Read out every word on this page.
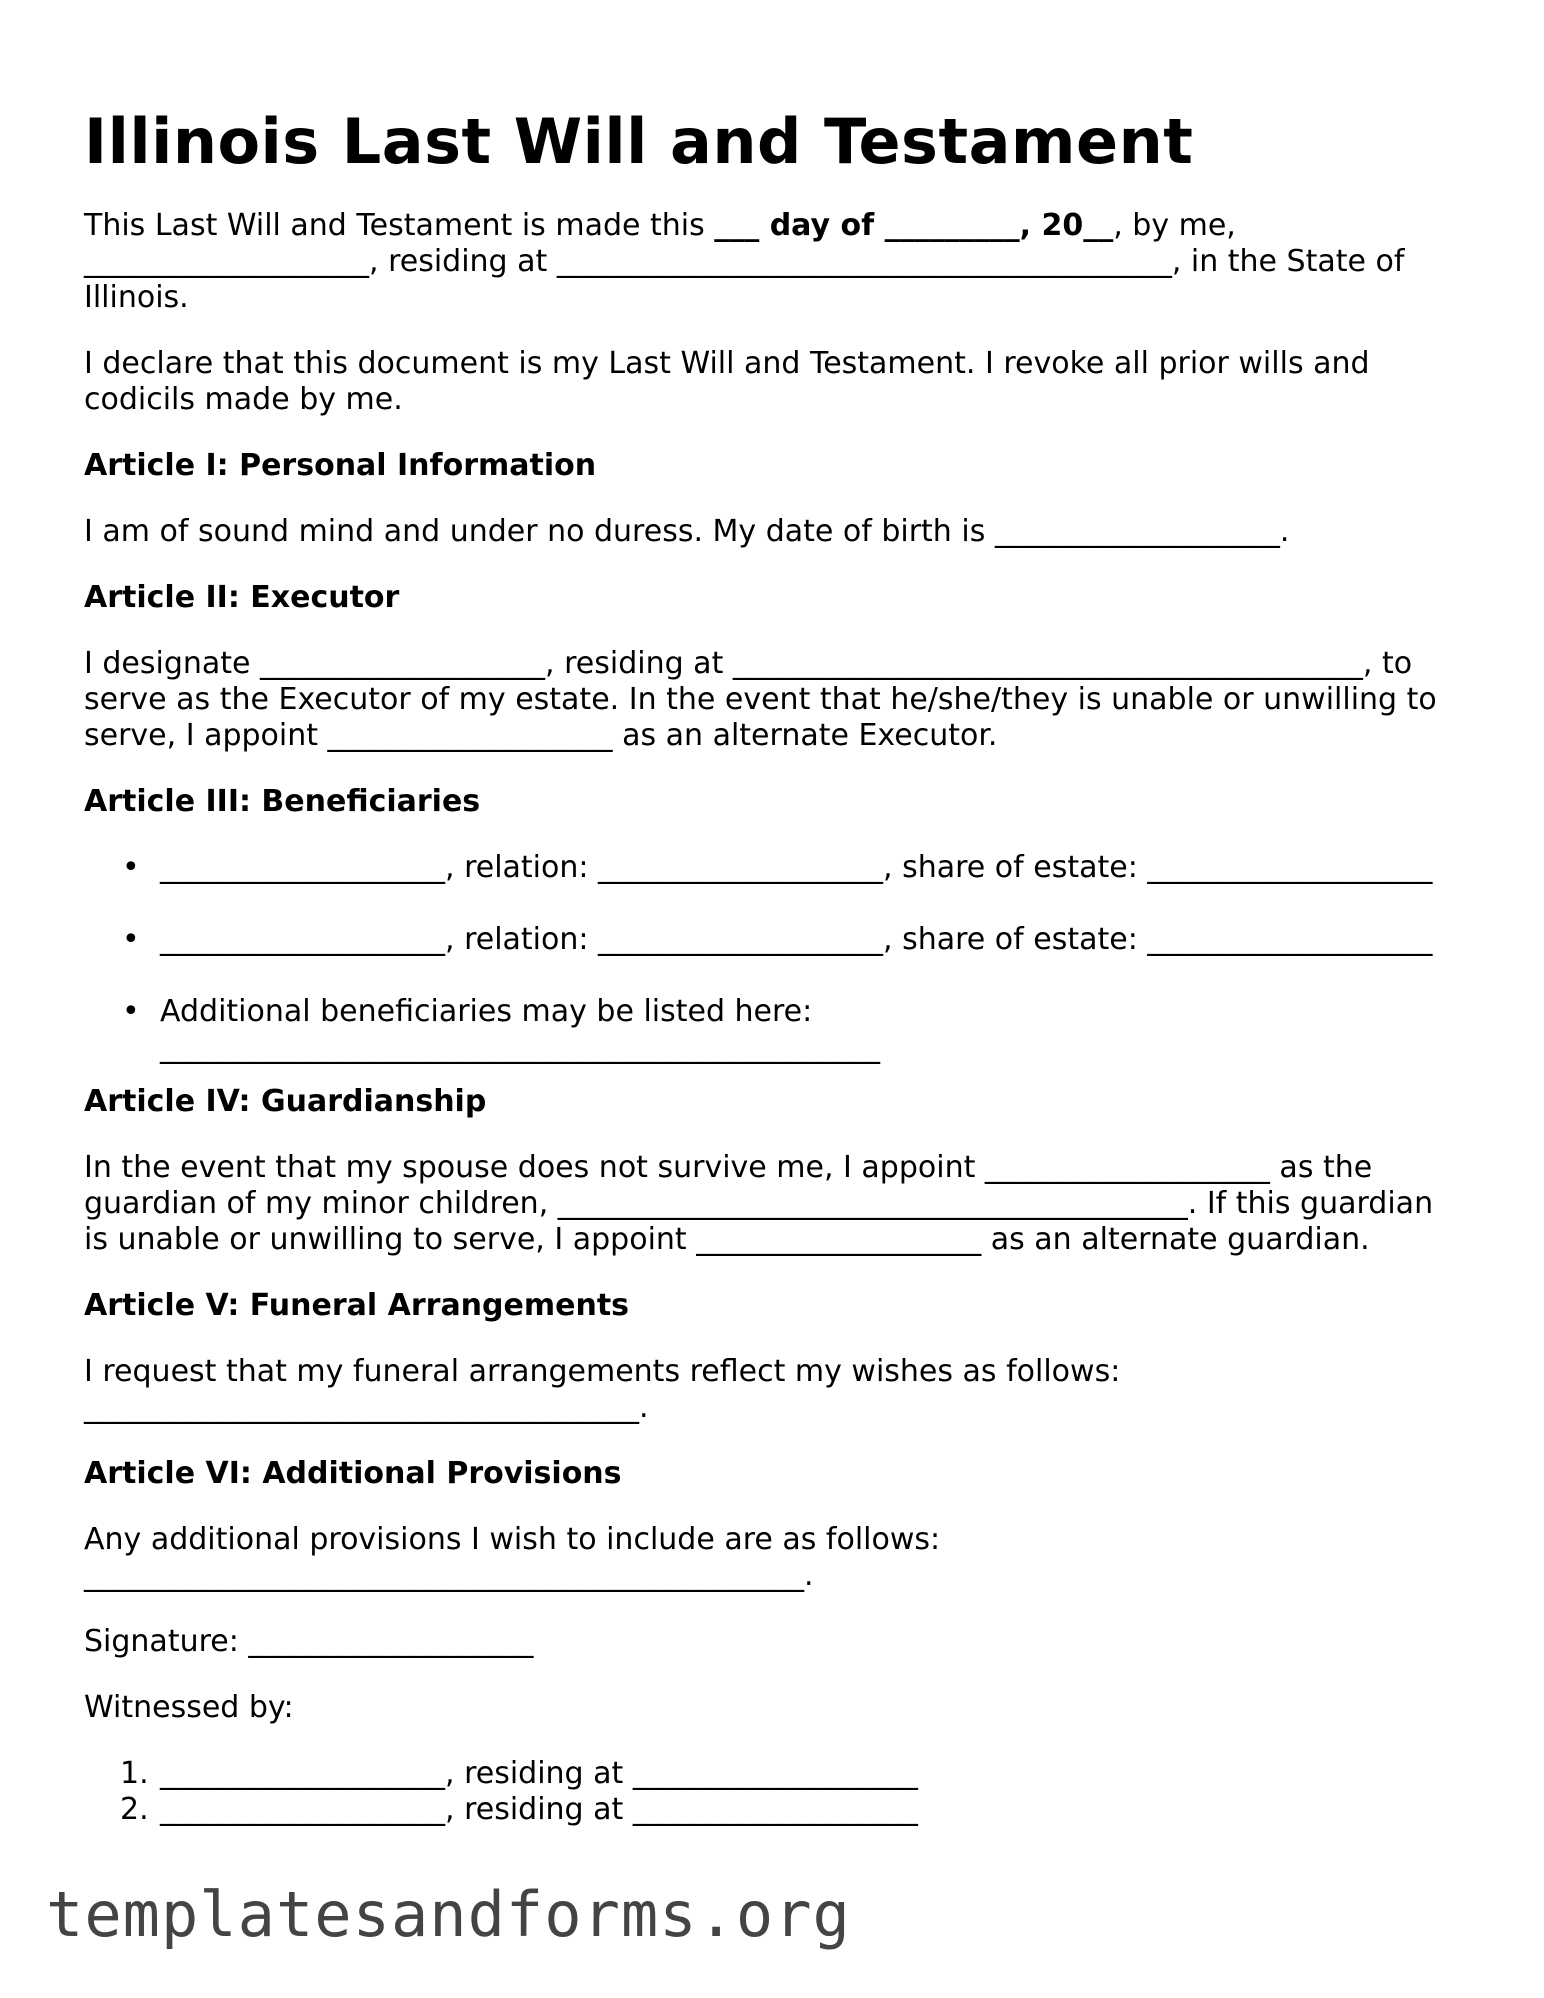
Illinois Last Will and Testament

This Last Will and Testament is made this ___ day of _________, 20__, by me, ___________________, residing at _________________________________________, in the State of Illinois.

I declare that this document is my Last Will and Testament. I revoke all prior wills and codicils made by me.

Article I: Personal Information

I am of sound mind and under no duress. My date of birth is ___________________.

Article II: Executor

I designate ___________________, residing at __________________________________________, to serve as the Executor of my estate. In the event that he/she/they is unable or unwilling to serve, I appoint ___________________ as an alternate Executor.

Article III: Beneficiaries
• ___________________, relation: ___________________, share of estate: ___________________
• ___________________, relation: ___________________, share of estate: ___________________
• Additional beneficiaries may be listed here: ________________________________________________
Article IV: Guardianship

In the event that my spouse does not survive me, I appoint ___________________ as the guardian of my minor children, __________________________________________. If this guardian is unable or unwilling to serve, I appoint ___________________ as an alternate guardian.

Article V: Funeral Arrangements

I request that my funeral arrangements reflect my wishes as follows: _____________________________________.

Article VI: Additional Provisions

Any additional provisions I wish to include are as follows: ________________________________________________.

Signature: ___________________

Witnessed by:

1. ___________________, residing at ___________________
2. ___________________, residing at ___________________
templatesandforms.org
